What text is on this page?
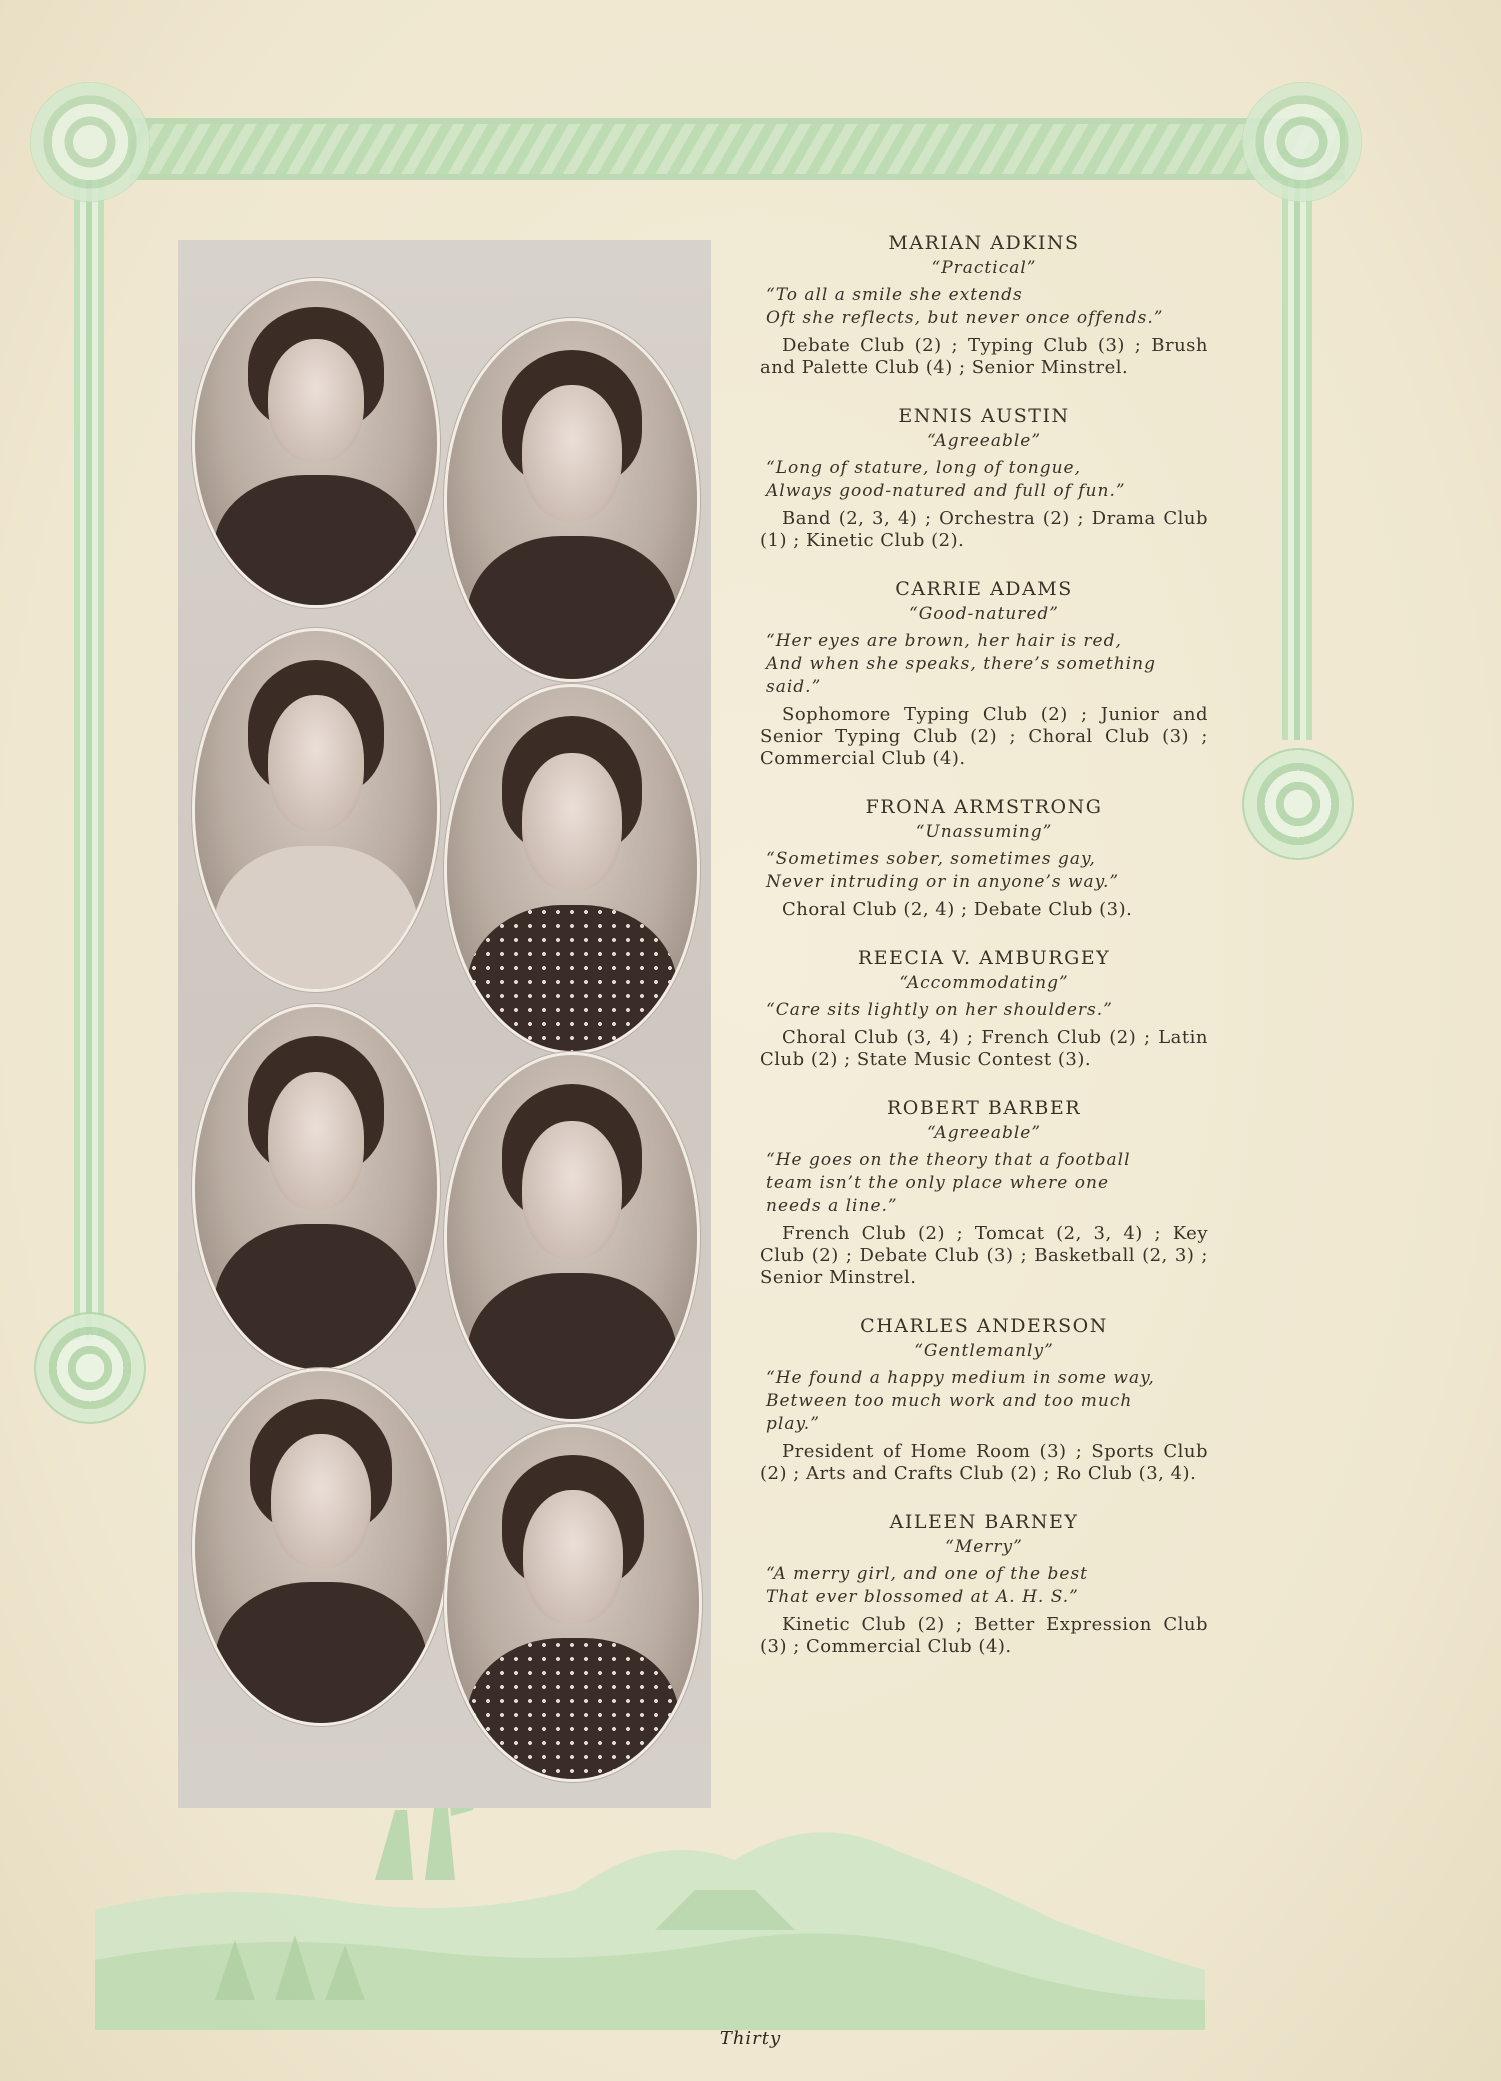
MARIAN ADKINS

“Practical”

“To all a smile she extends
Oft she reflects, but never once offends.”

Debate Club (2) ; Typing Club (3) ; Brush and Palette Club (4) ; Senior Minstrel.

ENNIS AUSTIN

“Agreeable”

“Long of stature, long of tongue,
Always good-natured and full of fun.”

Band (2, 3, 4) ; Orchestra (2) ; Drama Club (1) ; Kinetic Club (2).

CARRIE ADAMS

“Good-natured”

“Her eyes are brown, her hair is red,
And when she speaks, there’s something
said.”

Sophomore Typing Club (2) ; Junior and Senior Typing Club (2) ; Choral Club (3) ; Commercial Club (4).

FRONA ARMSTRONG

“Unassuming”

“Sometimes sober, sometimes gay,
Never intruding or in anyone’s way.”

Choral Club (2, 4) ; Debate Club (3).

REECIA V. AMBURGEY

“Accommodating”

“Care sits lightly on her shoulders.”

Choral Club (3, 4) ; French Club (2) ; Latin Club (2) ; State Music Contest (3).

ROBERT BARBER

“Agreeable”

“He goes on the theory that a football
team isn’t the only place where one
needs a line.”

French Club (2) ; Tomcat (2, 3, 4) ; Key Club (2) ; Debate Club (3) ; Basketball (2, 3) ; Senior Minstrel.

CHARLES ANDERSON

“Gentlemanly”

“He found a happy medium in some way,
Between too much work and too much
play.”

President of Home Room (3) ; Sports Club (2) ; Arts and Crafts Club (2) ; Ro Club (3, 4).

AILEEN BARNEY

“Merry”

“A merry girl, and one of the best
That ever blossomed at A. H. S.”

Kinetic Club (2) ; Better Expression Club (3) ; Commercial Club (4).

Thirty
